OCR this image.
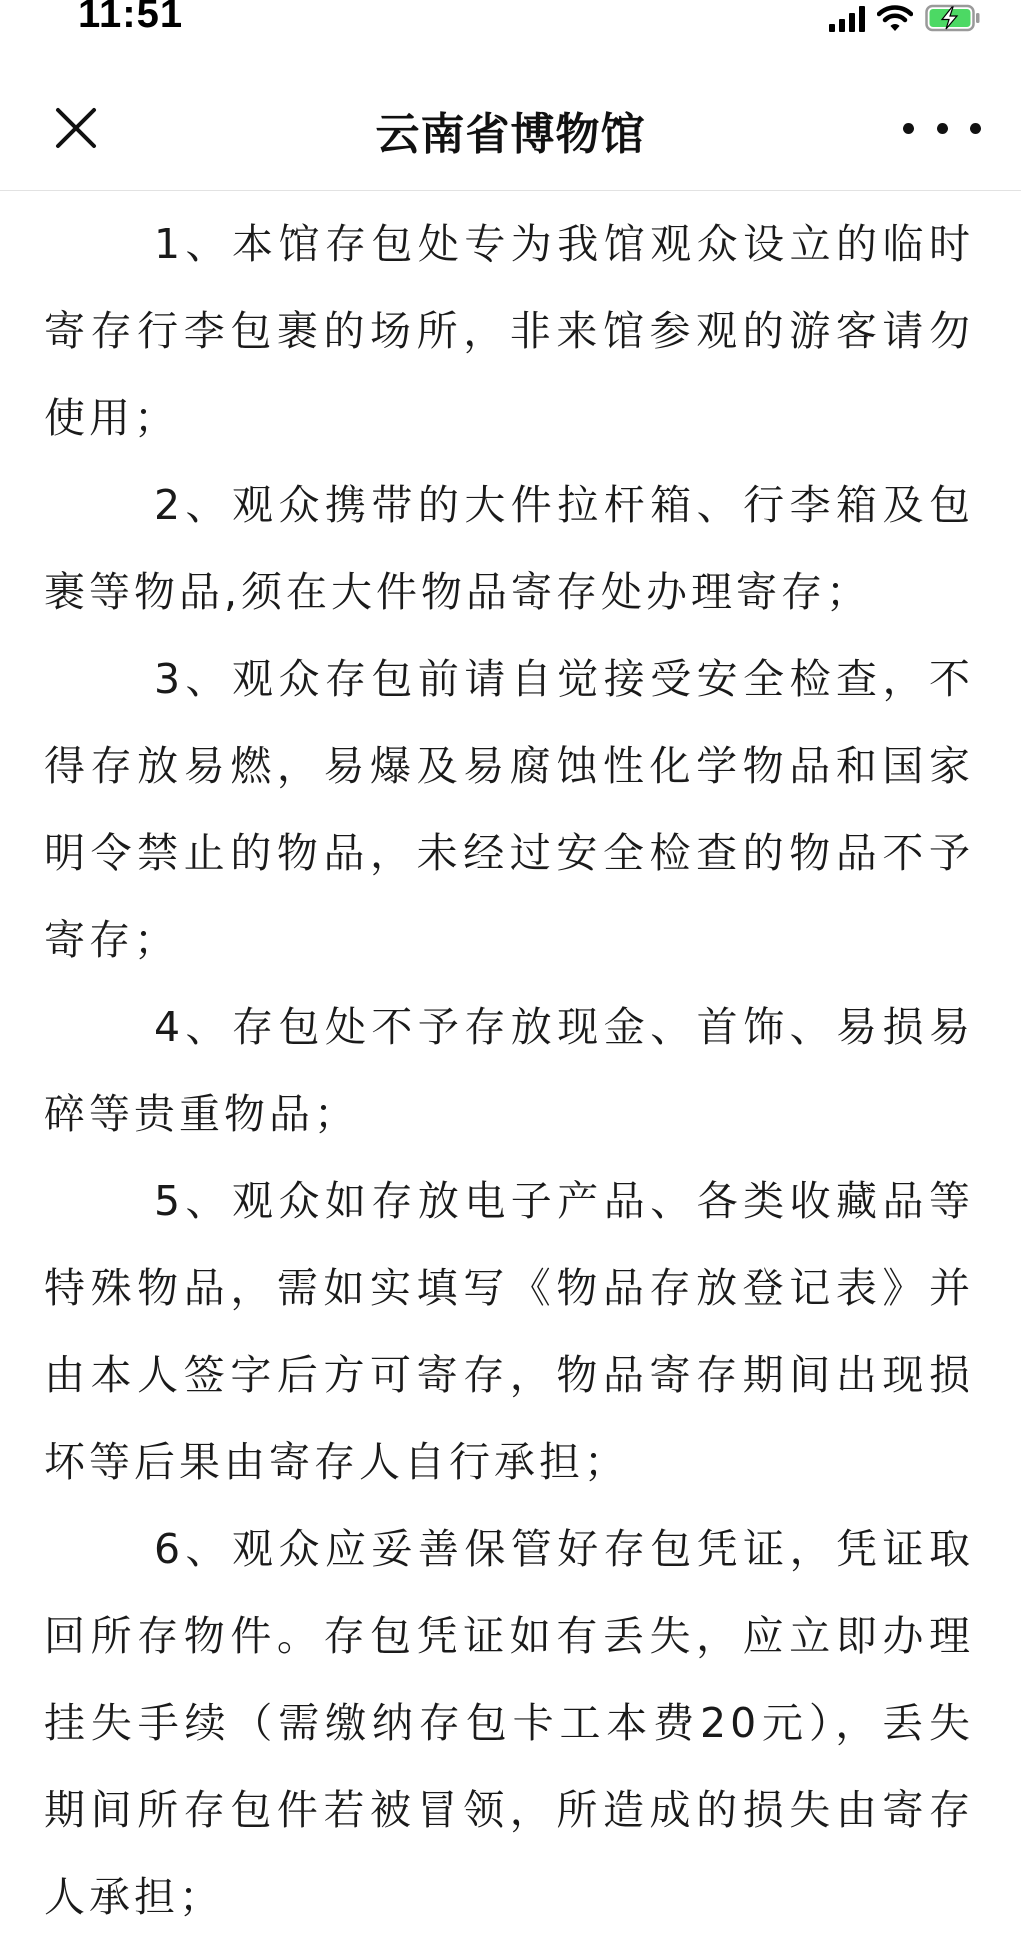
11:51
云南省博物馆

1、本馆存包处专为我馆观众设立的临时寄存行李包裹的场所，非来馆参观的游客请勿使用；

2、观众携带的大件拉杆箱、行李箱及包裹等物品,须在大件物品寄存处办理寄存；

3、观众存包前请自觉接受安全检查，不得存放易燃，易爆及易腐蚀性化学物品和国家明令禁止的物品，未经过安全检查的物品不予寄存；

4、存包处不予存放现金、首饰、易损易碎等贵重物品；

5、观众如存放电子产品、各类收藏品等特殊物品，需如实填写《物品存放登记表》并由本人签字后方可寄存，物品寄存期间出现损坏等后果由寄存人自行承担；

6、观众应妥善保管好存包凭证，凭证取回所存物件。存包凭证如有丢失，应立即办理挂失手续（需缴纳存包卡工本费20元），丢失期间所存包件若被冒领，所造成的损失由寄存人承担；
